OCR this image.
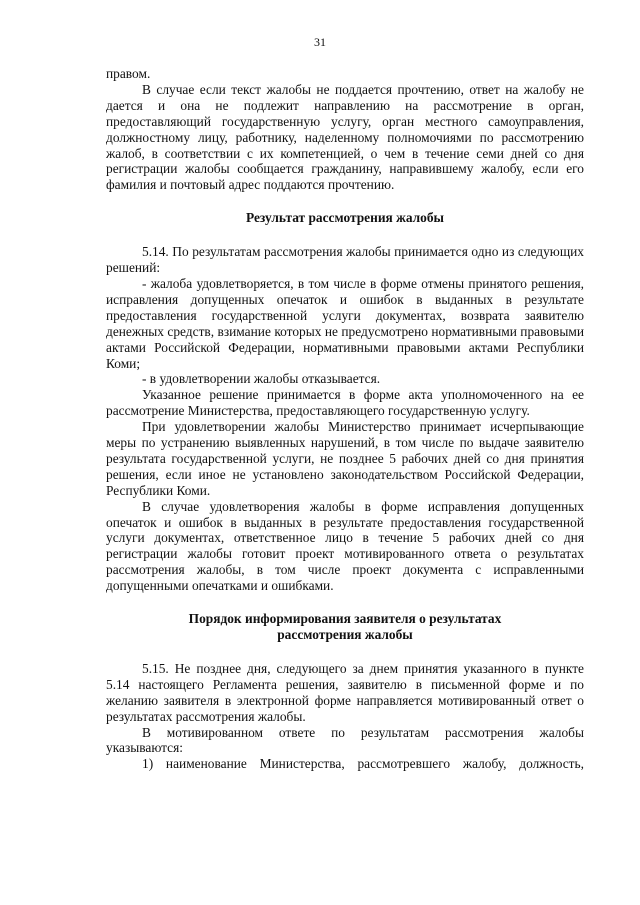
31

правом.

В случае если текст жалобы не поддается прочтению, ответ на жалобу не дается и она не подлежит направлению на рассмотрение в орган, предоставляющий государственную услугу, орган местного самоуправления, должностному лицу, работнику, наделенному полномочиями по рассмотрению жалоб, в соответствии с их компетенцией, о чем в течение семи дней со дня регистрации жалобы сообщается гражданину, направившему жалобу, если его фамилия и почтовый адрес поддаются прочтению.

Результат рассмотрения жалобы

5.14. По результатам рассмотрения жалобы принимается одно из следующих решений:

- жалоба удовлетворяется, в том числе в форме отмены принятого решения, исправления допущенных опечаток и ошибок в выданных в результате предоставления государственной услуги документах, возврата заявителю денежных средств, взимание которых не предусмотрено нормативными правовыми актами Российской Федерации, нормативными правовыми актами Республики Коми;

- в удовлетворении жалобы отказывается.

Указанное решение принимается в форме акта уполномоченного на ее рассмотрение Министерства, предоставляющего государственную услугу.

При удовлетворении жалобы Министерство принимает исчерпывающие меры по устранению выявленных нарушений, в том числе по выдаче заявителю результата государственной услуги, не позднее 5 рабочих дней со дня принятия решения, если иное не установлено законодательством Российской Федерации, Республики Коми.

В случае удовлетворения жалобы в форме исправления допущенных опечаток и ошибок в выданных в результате предоставления государственной услуги документах, ответственное лицо в течение 5 рабочих дней со дня регистрации жалобы готовит проект мотивированного ответа о результатах рассмотрения жалобы, в том числе проект документа с исправленными допущенными опечатками и ошибками.

Порядок информирования заявителя о результатах
рассмотрения жалобы

5.15. Не позднее дня, следующего за днем принятия указанного в пункте 5.14 настоящего Регламента решения, заявителю в письменной форме и по желанию заявителя в электронной форме направляется мотивированный ответ о результатах рассмотрения жалобы.

В мотивированном ответе по результатам рассмотрения жалобы указываются:

1) наименование Министерства, рассмотревшего жалобу, должность,
